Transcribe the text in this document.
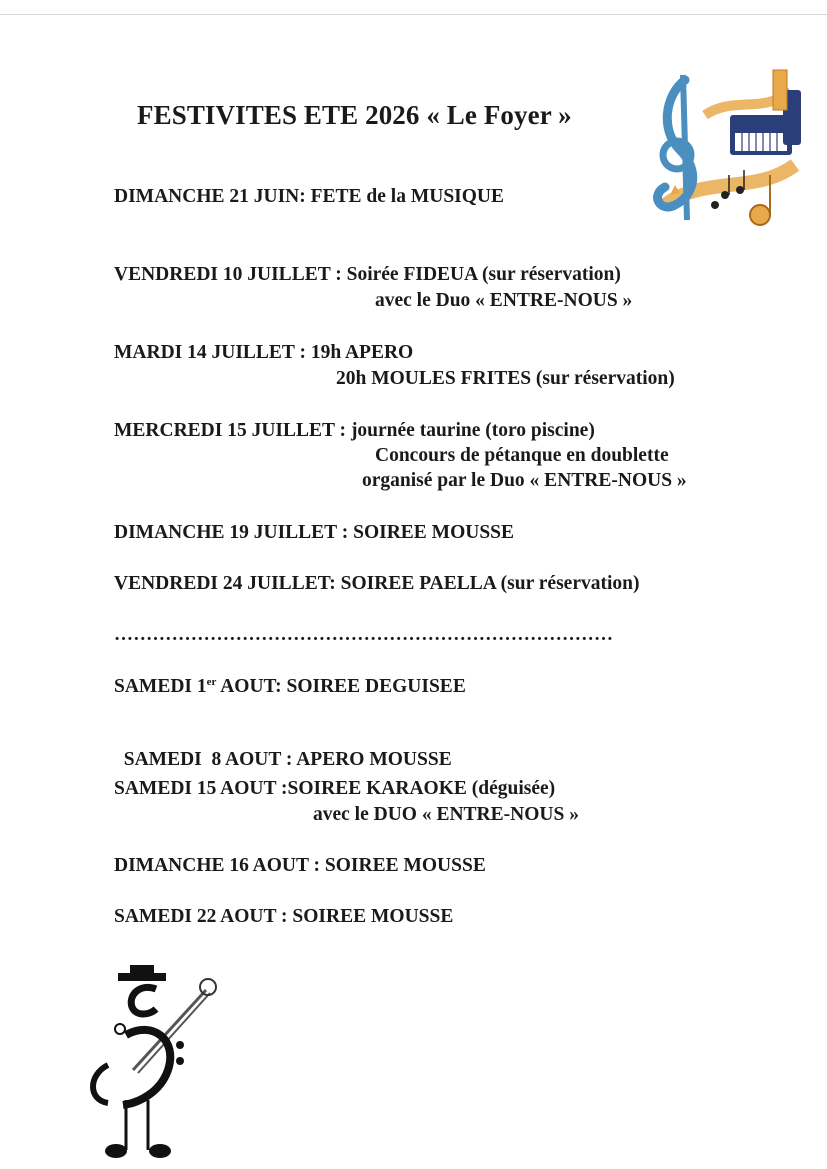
FESTIVITES ETE 2026 « Le Foyer »
DIMANCHE 21 JUIN: FETE de la MUSIQUE
VENDREDI 10 JUILLET : Soirée FIDEUA (sur réservation)
avec le Duo « ENTRE-NOUS »
MARDI 14 JUILLET : 19h APERO
20h MOULES FRITES (sur réservation)
MERCREDI 15 JUILLET : journée taurine (toro piscine)
Concours de pétanque en doublette
organisé par le Duo « ENTRE-NOUS »
DIMANCHE 19 JUILLET : SOIREE MOUSSE
VENDREDI 24 JUILLET: SOIREE PAELLA (sur réservation)
……………………………………………………………………
SAMEDI 1er AOUT: SOIREE DEGUISEE

SAMEDI  8 AOUT : APERO MOUSSE

SAMEDI 15 AOUT :SOIREE KARAOKE (déguisée)
avec le DUO « ENTRE-NOUS »
DIMANCHE 16 AOUT : SOIREE MOUSSE
SAMEDI 22 AOUT : SOIREE MOUSSE
